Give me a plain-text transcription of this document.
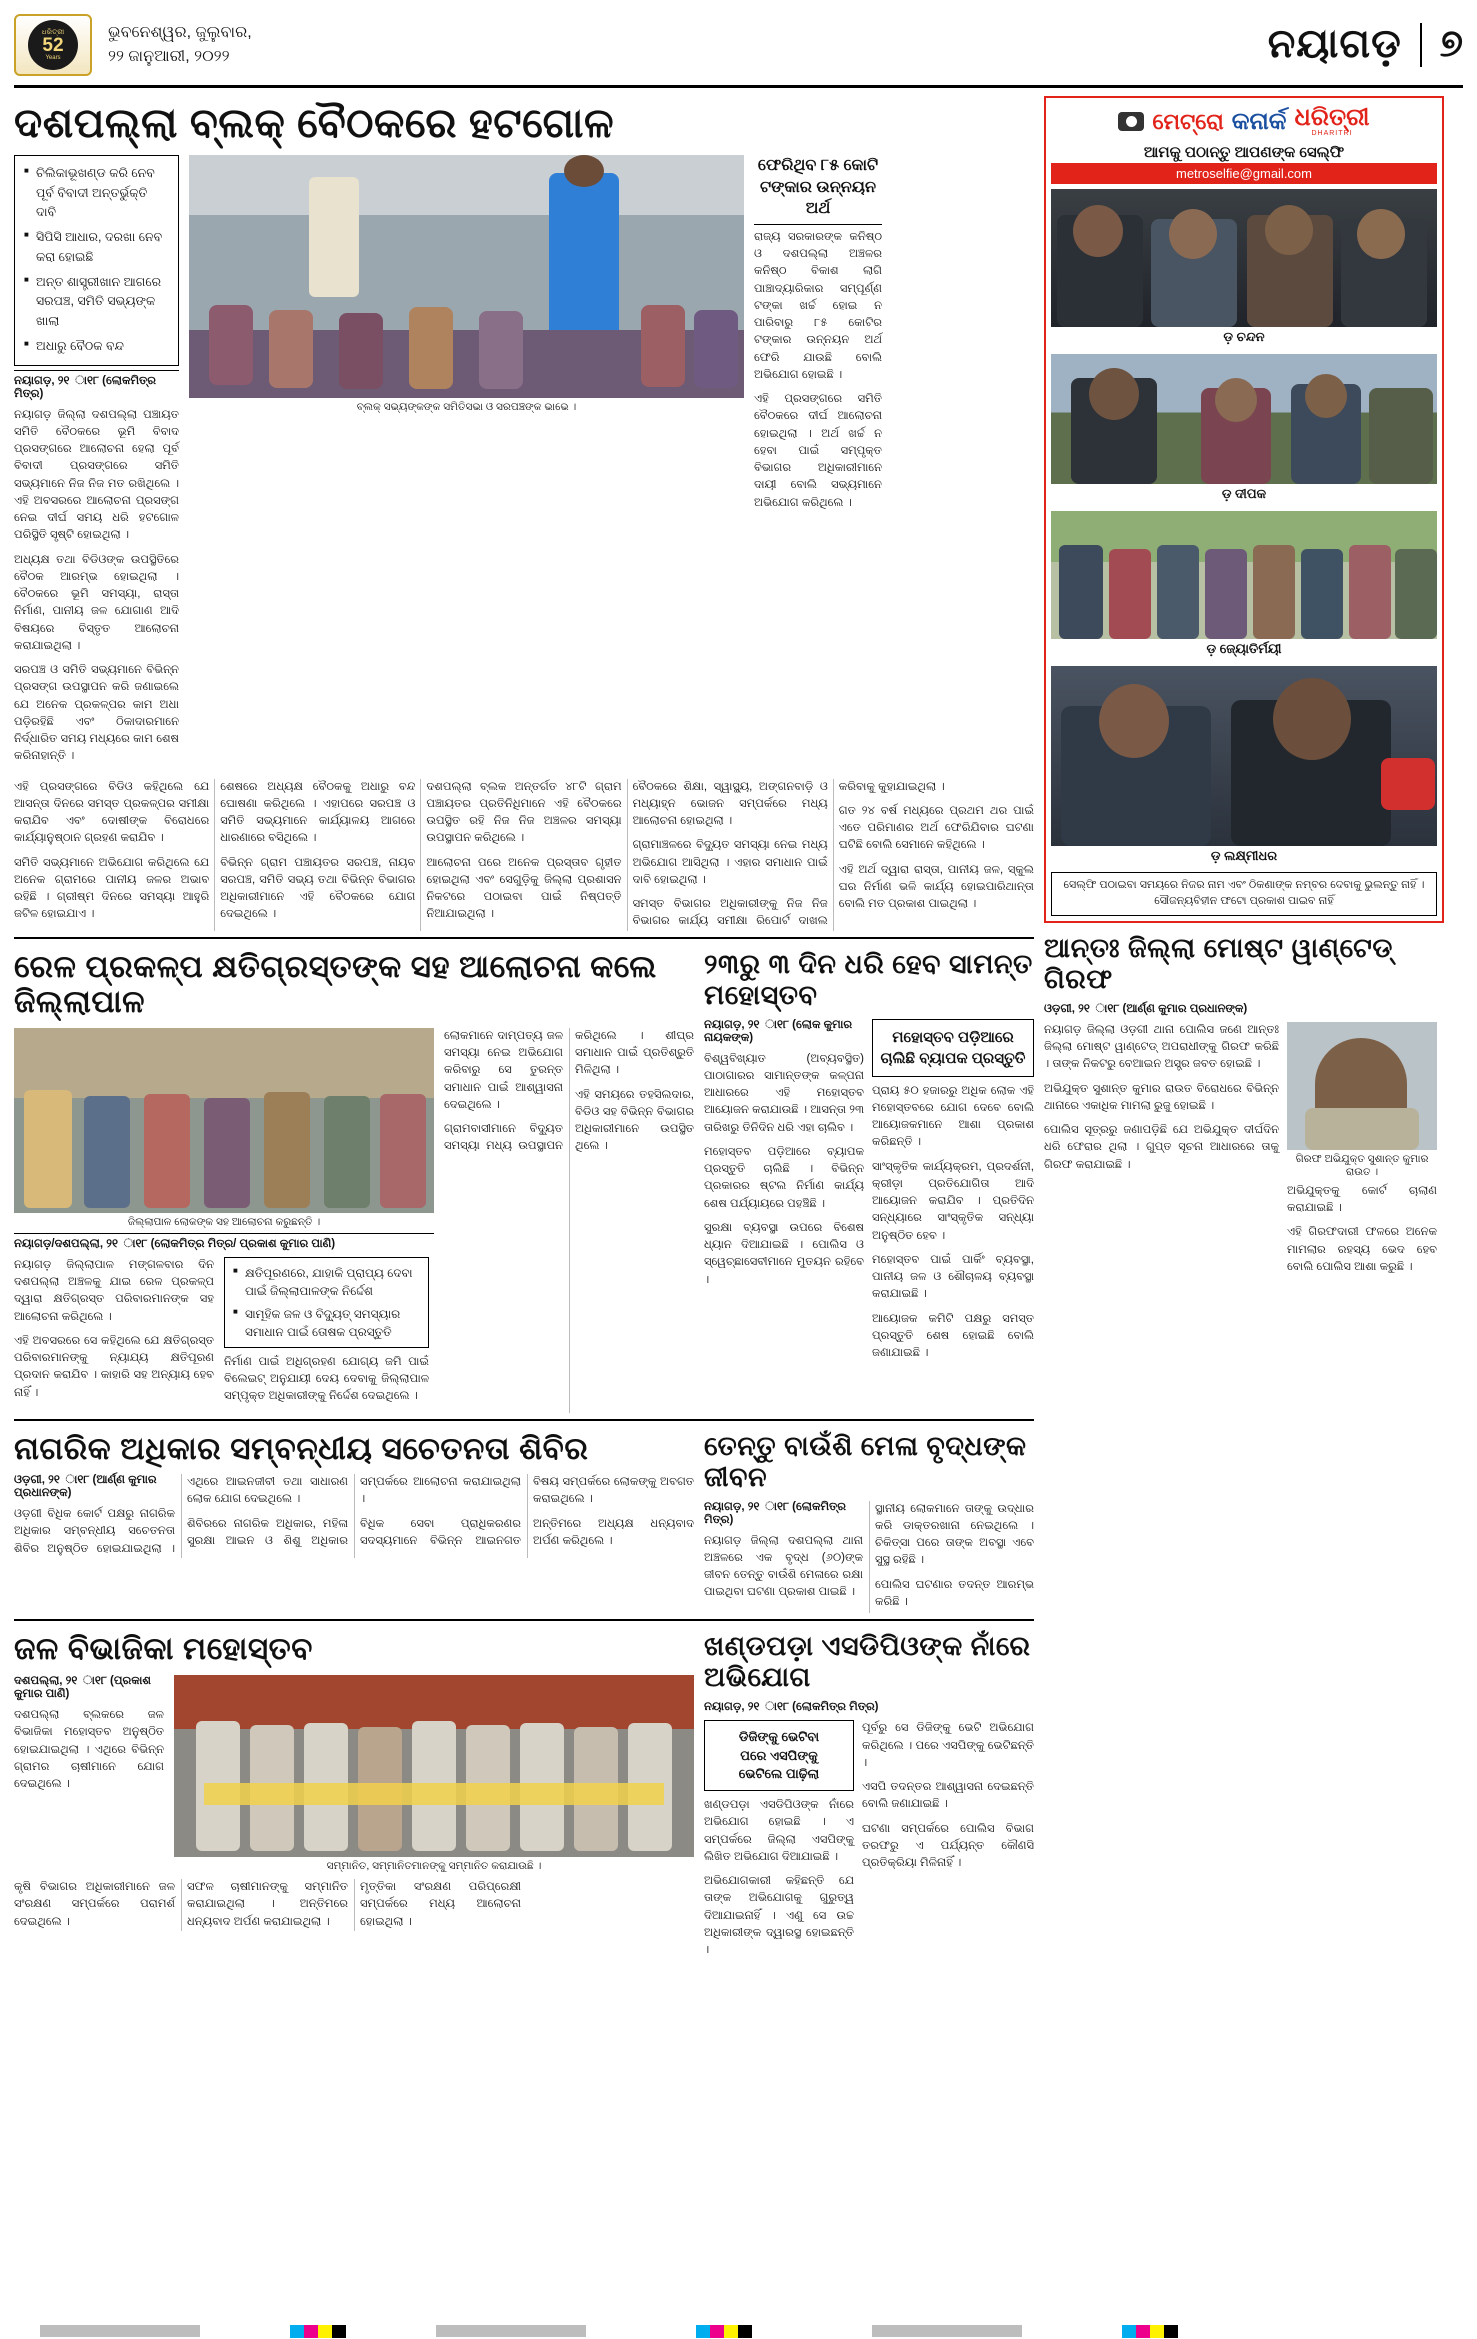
ଧରିତ୍ରୀ
52
Years
ଭୁବନେଶ୍ୱର, ଜୁଲୁବାର,
୨୨ ଜାନୁଆରୀ, ୨୦୨୨	ନୟାଗଡ଼ ୭
ଦଶପଲ୍ଲା ବ୍ଲକ୍ ବୈଠକରେ ହଟଗୋଳ
■ ଚିଲିକାଭୂଖଣ୍ଡ କରି ନେବ ପୂର୍ବ ବିବାଦୀ ଅନ୍ତର୍ଭୁକ୍ତି ଦାବି
■ ସିପିସି ଆଧାର, ଦରଖା ନେବ କରା ହୋଇଛି
■ ଅନ୍ତ ଶାସ୍ତ୍ରୀଖାନ ଆଗରେ ସରପଞ୍ଚ, ସମିତି ସଭ୍ୟଙ୍କ ଖାଲା
■ ଅଧାରୁ ବୈଠକ ବନ୍ଦ
ନୟାଗଡ଼, ୨୧ ା୧୮ (ଲୋକମିତ୍ର ମିତ୍ର)

ନୟାଗଡ଼ ଜିଲ୍ଲା ଦଶପଲ୍ଲା ପଞ୍ଚାୟତ ସମିତି ବୈଠକରେ ଭୂମି ବିବାଦ ପ୍ରସଙ୍ଗରେ ଆଲୋଚନା ହେଲା ପୂର୍ବ ବିବାଦୀ ପ୍ରସଙ୍ଗରେ ସମିତି ସଭ୍ୟମାନେ ନିଜ ନିଜ ମତ ରଖିଥିଲେ । ଏହି ଅବସରରେ ଆଲୋଚନା ପ୍ରସଙ୍ଗ ନେଇ ଦୀର୍ଘ ସମୟ ଧରି ହଟଗୋଳ ପରିସ୍ଥିତି ସୃଷ୍ଟି ହୋଇଥିଲା ।

ଅଧ୍ୟକ୍ଷ ତଥା ବିଡିଓଙ୍କ ଉପସ୍ଥିତିରେ ବୈଠକ ଆରମ୍ଭ ହୋଇଥିଲା । ବୈଠକରେ ଭୂମି ସମସ୍ୟା, ରାସ୍ତା ନିର୍ମାଣ, ପାନୀୟ ଜଳ ଯୋଗାଣ ଆଦି ବିଷୟରେ ବିସ୍ତୃତ ଆଲୋଚନା କରାଯାଇଥିଲା ।

ସରପଞ୍ଚ ଓ ସମିତି ସଭ୍ୟମାନେ ବିଭିନ୍ନ ପ୍ରସଙ୍ଗ ଉପସ୍ଥାପନ କରି ଜଣାଇଲେ ଯେ ଅନେକ ପ୍ରକଳ୍ପର କାମ ଅଧା ପଡ଼ିରହିଛି ଏବଂ ଠିକାଦାରମାନେ ନିର୍ଦ୍ଧାରିତ ସମୟ ମଧ୍ୟରେ କାମ ଶେଷ କରିନାହାନ୍ତି ।

ବ୍ଲକ୍ ସଭ୍ୟଙ୍କଙ୍କ ସମିତିସଭା ଓ ସରପଞ୍ଚଙ୍କ ଭାଭେ ।
ଫେରିଥିବ ୮୫ କୋଟି
ଟଙ୍କାର ଉନ୍ନୟନ ଅର୍ଥ

ରାଜ୍ୟ ସରକାରଙ୍କ କନିଷ୍ଠ ଓ ଦଶପଲ୍ଲା ଅଞ୍ଚଳର କନିଷ୍ଠ ବିକାଶ ଲାଗି ପାଞ୍ଚାଦ୍ୟାରିକାର ସମ୍ପୂର୍ଣ୍ଣ ଟଙ୍କା ଖର୍ଚ୍ଚ ହୋଇ ନ ପାରିବାରୁ ୮୫ କୋଟିର ଟଙ୍କାର ଉନ୍ନୟନ ଅର୍ଥ ଫେରି ଯାଉଛି ବୋଲି ଅଭିଯୋଗ ହୋଇଛି ।

ଏହି ପ୍ରସଙ୍ଗରେ ସମିତି ବୈଠକରେ ଦୀର୍ଘ ଆଲୋଚନା ହୋଇଥିଲା । ଅର୍ଥ ଖର୍ଚ୍ଚ ନ ହେବା ପାଇଁ ସମ୍ପୃକ୍ତ ବିଭାଗର ଅଧିକାରୀମାନେ ଦାୟୀ ବୋଲି ସଭ୍ୟମାନେ ଅଭିଯୋଗ କରିଥିଲେ ।

ଏହି ପ୍ରସଙ୍ଗରେ ବିଡିଓ କହିଥିଲେ ଯେ ଆସନ୍ତା ଦିନରେ ସମସ୍ତ ପ୍ରକଳ୍ପର ସମୀକ୍ଷା କରାଯିବ ଏବଂ ଦୋଷୀଙ୍କ ବିରୋଧରେ କାର୍ଯ୍ୟାନୁଷ୍ଠାନ ଗ୍ରହଣ କରାଯିବ ।

ସମିତି ସଭ୍ୟମାନେ ଅଭିଯୋଗ କରିଥିଲେ ଯେ ଅନେକ ଗ୍ରାମରେ ପାନୀୟ ଜଳର ଅଭାବ ରହିଛି । ଗ୍ରୀଷ୍ମ ଦିନରେ ସମସ୍ୟା ଆହୁରି ଜଟିଳ ହୋଇଯାଏ ।

ଶେଷରେ ଅଧ୍ୟକ୍ଷ ବୈଠକକୁ ଅଧାରୁ ବନ୍ଦ ଘୋଷଣା କରିଥିଲେ । ଏହାପରେ ସରପଞ୍ଚ ଓ ସମିତି ସଭ୍ୟମାନେ କାର୍ଯ୍ୟାଳୟ ଆଗରେ ଧାରଣାରେ ବସିଥିଲେ ।

ବିଭିନ୍ନ ଗ୍ରାମ ପଞ୍ଚାୟତର ସରପଞ୍ଚ, ନାୟବ ସରପଞ୍ଚ, ସମିତି ସଭ୍ୟ ତଥା ବିଭିନ୍ନ ବିଭାଗର ଅଧିକାରୀମାନେ ଏହି ବୈଠକରେ ଯୋଗ ଦେଇଥିଲେ ।

ଦଶପଲ୍ଲା ବ୍ଲକ ଅନ୍ତର୍ଗତ ୪୮ଟି ଗ୍ରାମ ପଞ୍ଚାୟତର ପ୍ରତିନିଧିମାନେ ଏହି ବୈଠକରେ ଉପସ୍ଥିତ ରହି ନିଜ ନିଜ ଅଞ୍ଚଳର ସମସ୍ୟା ଉପସ୍ଥାପନ କରିଥିଲେ ।

ଆଲୋଚନା ପରେ ଅନେକ ପ୍ରସ୍ତାବ ଗୃହୀତ ହୋଇଥିଲା ଏବଂ ସେଗୁଡ଼ିକୁ ଜିଲ୍ଲା ପ୍ରଶାସନ ନିକଟରେ ପଠାଇବା ପାଇଁ ନିଷ୍ପତ୍ତି ନିଆଯାଇଥିଲା ।

ବୈଠକରେ ଶିକ୍ଷା, ସ୍ୱାସ୍ଥ୍ୟ, ଅଙ୍ଗନବାଡ଼ି ଓ ମଧ୍ୟାହ୍ନ ଭୋଜନ ସମ୍ପର୍କରେ ମଧ୍ୟ ଆଲୋଚନା ହୋଇଥିଲା ।

ଗ୍ରାମାଞ୍ଚଳରେ ବିଦ୍ୟୁତ ସମସ୍ୟା ନେଇ ମଧ୍ୟ ଅଭିଯୋଗ ଆସିଥିଲା । ଏହାର ସମାଧାନ ପାଇଁ ଦାବି ହୋଇଥିଲା ।

ସମସ୍ତ ବିଭାଗର ଅଧିକାରୀଙ୍କୁ ନିଜ ନିଜ ବିଭାଗର କାର୍ଯ୍ୟ ସମୀକ୍ଷା ରିପୋର୍ଟ ଦାଖଲ କରିବାକୁ କୁହାଯାଇଥିଲା ।

ଗତ ୨୪ ବର୍ଷ ମଧ୍ୟରେ ପ୍ରଥମ ଥର ପାଇଁ ଏତେ ପରିମାଣର ଅର୍ଥ ଫେରିଯିବାର ଘଟଣା ଘଟିଛି ବୋଲି ସେମାନେ କହିଥିଲେ ।

ଏହି ଅର୍ଥ ଦ୍ୱାରା ରାସ୍ତା, ପାନୀୟ ଜଳ, ସ୍କୁଲ ଘର ନିର୍ମାଣ ଭଳି କାର୍ଯ୍ୟ ହୋଇପାରିଥାନ୍ତା ବୋଲି ମତ ପ୍ରକାଶ ପାଇଥିଲା ।

ରେଳ ପ୍ରକଳ୍ପ କ୍ଷତିଗ୍ରସ୍ତଙ୍କ ସହ ଆଲୋଚନା କଲେ ଜିଲ୍ଲାପାଳ
ଜିଲ୍ଲାପାଳ ଲୋକଙ୍କ ସହ ଆଲୋଚନା କରୁଛନ୍ତି ।
ନୟାଗଡ଼/ଦଶପଲ୍ଲା, ୨୧ ା୧୮ (ଲୋକମିତ୍ର ମିତ୍ର/ ପ୍ରକାଶ କୁମାର ପାଣି)

ନୟାଗଡ଼ ଜିଲ୍ଲାପାଳ ମଙ୍ଗଳବାର ଦିନ ଦଶପଲ୍ଲା ଅଞ୍ଚଳକୁ ଯାଇ ରେଳ ପ୍ରକଳ୍ପ ଦ୍ୱାରା କ୍ଷତିଗ୍ରସ୍ତ ପରିବାରମାନଙ୍କ ସହ ଆଲୋଚନା କରିଥିଲେ ।

ଏହି ଅବସରରେ ସେ କହିଥିଲେ ଯେ କ୍ଷତିଗ୍ରସ୍ତ ପରିବାରମାନଙ୍କୁ ନ୍ୟାଯ୍ୟ କ୍ଷତିପୂରଣ ପ୍ରଦାନ କରାଯିବ । କାହାରି ସହ ଅନ୍ୟାୟ ହେବ ନାହିଁ ।

■ କ୍ଷତିପୂରଣରେ, ଯାହାକି ପ୍ରାପ୍ୟ ଦେବା ପାଇଁ ଜିଲ୍ଲାପାଳଙ୍କ ନିର୍ଦ୍ଦେଶ
■ ସାମୂହିକ ଜଳ ଓ ବିଦ୍ୟୁତ୍ ସମସ୍ୟାର ସମାଧାନ ପାଇଁ ତୋଷକ ପ୍ରସ୍ତୁତି

ନିର୍ମାଣ ପାଇଁ ଅଧିଗ୍ରହଣ ଯୋଗ୍ୟ ଜମି ପାଇଁ ବିଲେଇଟ୍ ଅନୁଯାୟୀ ଦେୟ ଦେବାକୁ ଜିଲ୍ଲାପାଳ ସମ୍ପୃକ୍ତ ଅଧିକାରୀଙ୍କୁ ନିର୍ଦ୍ଦେଶ ଦେଇଥିଲେ ।

ଲୋକମାନେ ଦାମ୍ପତ୍ୟ ଜଳ ସମସ୍ୟା ନେଇ ଅଭିଯୋଗ କରିବାରୁ ସେ ତୁରନ୍ତ ସମାଧାନ ପାଇଁ ଆଶ୍ୱାସନା ଦେଇଥିଲେ ।

ଗ୍ରାମବାସୀମାନେ ବିଦ୍ୟୁତ ସମସ୍ୟା ମଧ୍ୟ ଉପସ୍ଥାପନ କରିଥିଲେ । ଶୀଘ୍ର ସମାଧାନ ପାଇଁ ପ୍ରତିଶ୍ରୁତି ମିଳିଥିଲା ।

ଏହି ସମୟରେ ତହସିଲଦାର, ବିଡିଓ ସହ ବିଭିନ୍ନ ବିଭାଗର ଅଧିକାରୀମାନେ ଉପସ୍ଥିତ ଥିଲେ ।

୨୩ରୁ ୩ ଦିନ ଧରି ହେବ ସାମନ୍ତ ମହୋସ୍ତବ
ନୟାଗଡ଼, ୨୧ ା୧୮ (ଲୋକ କୁମାର ନାୟକଙ୍କ)

ବିଶ୍ୱବିଖ୍ୟାତ (ଅବ୍ୟବସ୍ଥିତ) ପାଠାଗାରର ସାମାନ୍ତଙ୍କ କଳ୍ପନା ଆଧାରରେ ଏହି ମହୋସ୍ତବ ଆୟୋଜନ କରାଯାଉଛି । ଆସନ୍ତା ୨୩ ତାରିଖରୁ ତିନିଦିନ ଧରି ଏହା ଚାଲିବ ।

ମହୋସ୍ତବ ପଡ଼ିଆରେ ବ୍ୟାପକ ପ୍ରସ୍ତୁତି ଚାଲିଛି । ବିଭିନ୍ନ ପ୍ରକାରର ଷ୍ଟଲ ନିର୍ମାଣ କାର୍ଯ୍ୟ ଶେଷ ପର୍ଯ୍ୟାୟରେ ପହଞ୍ଚିଛି ।

ସୁରକ୍ଷା ବ୍ୟବସ୍ଥା ଉପରେ ବିଶେଷ ଧ୍ୟାନ ଦିଆଯାଇଛି । ପୋଲିସ ଓ ସ୍ୱେଚ୍ଛାସେବୀମାନେ ମୁତୟନ ରହିବେ ।

ମହୋସ୍ତବ ପଡ଼ିଆରେ
ଚାଲିଛି ବ୍ୟାପକ ପ୍ରସ୍ତୁତି

ପ୍ରାୟ ୫୦ ହଜାରରୁ ଅଧିକ ଲୋକ ଏହି ମହୋସ୍ତବରେ ଯୋଗ ଦେବେ ବୋଲି ଆୟୋଜକମାନେ ଆଶା ପ୍ରକାଶ କରିଛନ୍ତି ।

ସାଂସ୍କୃତିକ କାର୍ଯ୍ୟକ୍ରମ, ପ୍ରଦର୍ଶନୀ, କ୍ରୀଡ଼ା ପ୍ରତିଯୋଗିତା ଆଦି ଆୟୋଜନ କରାଯିବ । ପ୍ରତିଦିନ ସନ୍ଧ୍ୟାରେ ସାଂସ୍କୃତିକ ସନ୍ଧ୍ୟା ଅନୁଷ୍ଠିତ ହେବ ।

ମହୋସ୍ତବ ପାଇଁ ପାର୍କିଂ ବ୍ୟବସ୍ଥା, ପାନୀୟ ଜଳ ଓ ଶୌଚାଳୟ ବ୍ୟବସ୍ଥା କରାଯାଇଛି ।

ଆୟୋଜକ କମିଟି ପକ୍ଷରୁ ସମସ୍ତ ପ୍ରସ୍ତୁତି ଶେଷ ହୋଇଛି ବୋଲି ଜଣାଯାଇଛି ।

ନାଗରିକ ଅଧିକାର ସମ୍ବନ୍ଧୀୟ ସଚେତନତା ଶିବିର
ଓଡ଼ଗୀ, ୨୧ ା୧୮ (ଆର୍ଣ୍ଣ କୁମାର ପ୍ରଧାନଙ୍କ)

ଓଡ଼ଗୀ ବିଧିକ କୋର୍ଟ ପକ୍ଷରୁ ନାଗରିକ ଅଧିକାର ସମ୍ବନ୍ଧୀୟ ସଚେତନତା ଶିବିର ଅନୁଷ୍ଠିତ ହୋଇଯାଇଥିଲା । ଏଥିରେ ଆଇନଜୀବୀ ତଥା ସାଧାରଣ ଲୋକ ଯୋଗ ଦେଇଥିଲେ ।

ଶିବିରରେ ନାଗରିକ ଅଧିକାର, ମହିଳା ସୁରକ୍ଷା ଆଇନ ଓ ଶିଶୁ ଅଧିକାର ସମ୍ପର୍କରେ ଆଲୋଚନା କରାଯାଇଥିଲା ।

ବିଧିକ ସେବା ପ୍ରାଧିକରଣର ସଦସ୍ୟମାନେ ବିଭିନ୍ନ ଆଇନଗତ ବିଷୟ ସମ୍ପର୍କରେ ଲୋକଙ୍କୁ ଅବଗତ କରାଇଥିଲେ ।

ଅନ୍ତିମରେ ଅଧ୍ୟକ୍ଷ ଧନ୍ୟବାଦ ଅର୍ପଣ କରିଥିଲେ ।

ତେନ୍ତୁ ବାଉଁଶି ମେଳା ବୃଦ୍ଧଙ୍କ ଜୀବନ
ନୟାଗଡ଼, ୨୧ ା୧୮ (ଲୋକମିତ୍ର ମିତ୍ର)

ନୟାଗଡ଼ ଜିଲ୍ଲା ଦଶପଲ୍ଲା ଥାନା ଅଞ୍ଚଳରେ ଏକ ବୃଦ୍ଧ (୬୦)ଙ୍କ ଜୀବନ ତେନ୍ତୁ ବାଉଁଶି ମେଳାରେ ରକ୍ଷା ପାଇଥିବା ଘଟଣା ପ୍ରକାଶ ପାଇଛି ।

ସ୍ଥାନୀୟ ଲୋକମାନେ ତାଙ୍କୁ ଉଦ୍ଧାର କରି ଡାକ୍ତରଖାନା ନେଇଥିଲେ । ଚିକିତ୍ସା ପରେ ତାଙ୍କ ଅବସ୍ଥା ଏବେ ସୁସ୍ଥ ରହିଛି ।

ପୋଲିସ ଘଟଣାର ତଦନ୍ତ ଆରମ୍ଭ କରିଛି ।

ଜଳ ବିଭାଜିକା ମହୋସ୍ତବ
ଦଶପଲ୍ଲା, ୨୧ ା୧୮ (ପ୍ରକାଶ କୁମାର ପାଣି)

ଦଶପଲ୍ଲା ବ୍ଲକରେ ଜଳ ବିଭାଜିକା ମହୋସ୍ତବ ଅନୁଷ୍ଠିତ ହୋଇଯାଇଥିଲା । ଏଥିରେ ବିଭିନ୍ନ ଗ୍ରାମର ଚାଷୀମାନେ ଯୋଗ ଦେଇଥିଲେ ।

ସମ୍ମାନିତ, ସମ୍ମାନିତମାନଙ୍କୁ ସମ୍ମାନିତ କରାଯାଉଛି ।

କୃଷି ବିଭାଗର ଅଧିକାରୀମାନେ ଜଳ ସଂରକ୍ଷଣ ସମ୍ପର୍କରେ ପରାମର୍ଶ ଦେଇଥିଲେ ।

ସଫଳ ଚାଷୀମାନଙ୍କୁ ସମ୍ମାନିତ କରାଯାଇଥିଲା । ଅନ୍ତିମରେ ଧନ୍ୟବାଦ ଅର୍ପଣ କରାଯାଇଥିଲା ।

ମୃତ୍ତିକା ସଂରକ୍ଷଣ ପରିପ୍ରେକ୍ଷୀ ସମ୍ପର୍କରେ ମଧ୍ୟ ଆଲୋଚନା ହୋଇଥିଲା ।

ଖଣ୍ଡପଡ଼ା ଏସଡିପିଓଙ୍କ ନାଁରେ ଅଭିଯୋଗ
ନୟାଗଡ଼, ୨୧ ା୧୮ (ଲୋକମିତ୍ର ମିତ୍ର)
ଡିଜିଙ୍କୁ ଭେଟିବା
ପରେ ଏସପିଙ୍କୁ
ଭେଟିଲେ ପାଢ଼ିଲା

ଖଣ୍ଡପଡ଼ା ଏସଡିପିଓଙ୍କ ନାଁରେ ଅଭିଯୋଗ ହୋଇଛି । ଏ ସମ୍ପର୍କରେ ଜିଲ୍ଲା ଏସପିଙ୍କୁ ଲିଖିତ ଅଭିଯୋଗ ଦିଆଯାଇଛି ।

ଅଭିଯୋଗକାରୀ କହିଛନ୍ତି ଯେ ତାଙ୍କ ଅଭିଯୋଗକୁ ଗୁରୁତ୍ୱ ଦିଆଯାଇନାହିଁ । ଏଣୁ ସେ ଉଚ୍ଚ ଅଧିକାରୀଙ୍କ ଦ୍ୱାରସ୍ଥ ହୋଇଛନ୍ତି ।

ପୂର୍ବରୁ ସେ ଡିଜିଙ୍କୁ ଭେଟି ଅଭିଯୋଗ କରିଥିଲେ । ପରେ ଏସପିଙ୍କୁ ଭେଟିଛନ୍ତି ।

ଏସପି ତଦନ୍ତର ଆଶ୍ୱାସନା ଦେଇଛନ୍ତି ବୋଲି ଜଣାଯାଇଛି ।

ଘଟଣା ସମ୍ପର୍କରେ ପୋଲିସ ବିଭାଗ ତରଫରୁ ଏ ପର୍ଯ୍ୟନ୍ତ କୌଣସି ପ୍ରତିକ୍ରିୟା ମିଳିନାହିଁ ।

ମେଟ୍ରୋ କନାର୍କ ଧରିତ୍ରୀ
DHARITRI
ଆମକୁ ପଠାନ୍ତୁ ଆପଣଙ୍କ ସେଲ୍ଫି
metroselfie@gmail.com
ଡ଼ ଚନ୍ଦନ
ଡ଼ ଦୀପକ
ଡ଼ ଜ୍ୟୋତିର୍ମୟୀ
ଡ଼ ଲକ୍ଷ୍ମୀଧର
ସେଲ୍ଫି ପଠାଇବା ସମୟରେ ନିଜର ନାମ ଏବଂ ଠିକଣାଙ୍କ ନମ୍ବର ଦେବାକୁ ଭୁଲନ୍ତୁ ନାହିଁ । ସୌଜନ୍ୟବିହୀନ ଫଟୋ ପ୍ରକାଶ ପାଇବ ନାହିଁ
ଆନ୍ତଃ ଜିଲ୍ଲା ମୋଷ୍ଟ ୱାଣ୍ଟେଡ୍ ଗିରଫ
ଓଡ଼ଗୀ, ୨୧ ା୧୮ (ଆର୍ଣ୍ଣ କୁମାର ପ୍ରଧାନଙ୍କ)

ନୟାଗଡ଼ ଜିଲ୍ଲା ଓଡ଼ଗୀ ଥାନା ପୋଲିସ ଜଣେ ଆନ୍ତଃ ଜିଲ୍ଲା ମୋଷ୍ଟ ୱାଣ୍ଟେଡ୍ ଅପରାଧୀଙ୍କୁ ଗିରଫ କରିଛି । ତାଙ୍କ ନିକଟରୁ ବେଆଇନ ଅସ୍ତ୍ର ଜବତ ହୋଇଛି ।

ଅଭିଯୁକ୍ତ ସୁଶାନ୍ତ କୁମାର ରାଉତ ବିରୋଧରେ ବିଭିନ୍ନ ଥାନାରେ ଏକାଧିକ ମାମଲା ରୁଜୁ ହୋଇଛି ।

ପୋଲିସ ସୂତ୍ରରୁ ଜଣାପଡ଼ିଛି ଯେ ଅଭିଯୁକ୍ତ ଦୀର୍ଘଦିନ ଧରି ଫେରାର ଥିଲା । ଗୁପ୍ତ ସୂଚନା ଆଧାରରେ ତାକୁ ଗିରଫ କରାଯାଇଛି ।	ଗିରଫ ଅଭିଯୁକ୍ତ ସୁଶାନ୍ତ କୁମାର ରାଉତ ।

ଅଭିଯୁକ୍ତକୁ କୋର୍ଟ ଚାଲାଣ କରାଯାଇଛି ।

ଏହି ଗିରଫଦାରୀ ଫଳରେ ଅନେକ ମାମଲାର ରହସ୍ୟ ଭେଦ ହେବ ବୋଲି ପୋଲିସ ଆଶା କରୁଛି ।
